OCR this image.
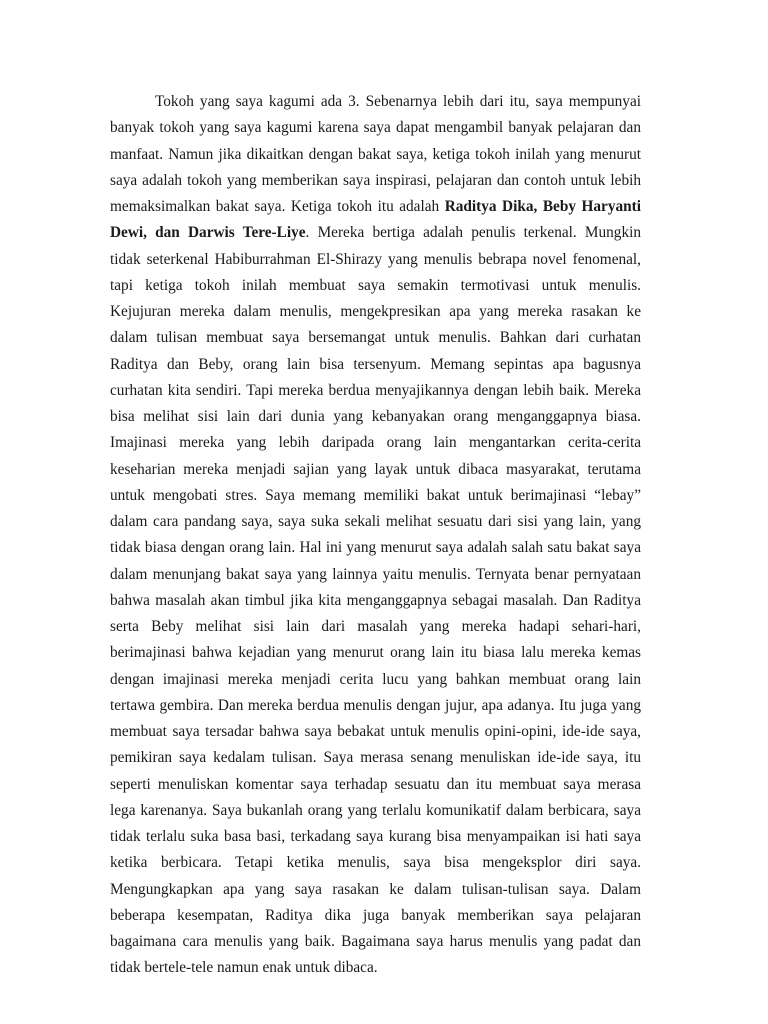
Tokoh yang saya kagumi ada 3. Sebenarnya lebih dari itu, saya mempunyai
banyak tokoh yang saya kagumi karena saya dapat mengambil banyak pelajaran dan
manfaat. Namun jika dikaitkan dengan bakat saya, ketiga tokoh inilah yang menurut
saya adalah tokoh yang memberikan saya inspirasi, pelajaran dan contoh untuk lebih
memaksimalkan bakat saya. Ketiga tokoh itu adalah Raditya Dika, Beby Haryanti
Dewi, dan Darwis Tere-Liye. Mereka bertiga adalah penulis terkenal. Mungkin
tidak seterkenal Habiburrahman El-Shirazy yang menulis bebrapa novel fenomenal,
tapi ketiga tokoh inilah membuat saya semakin termotivasi untuk menulis.
Kejujuran mereka dalam menulis, mengekpresikan apa yang mereka rasakan ke
dalam tulisan membuat saya bersemangat untuk menulis. Bahkan dari curhatan
Raditya dan Beby, orang lain bisa tersenyum. Memang sepintas apa bagusnya
curhatan kita sendiri. Tapi mereka berdua menyajikannya dengan lebih baik. Mereka
bisa melihat sisi lain dari dunia yang kebanyakan orang menganggapnya biasa.
Imajinasi mereka yang lebih daripada orang lain mengantarkan cerita-cerita
keseharian mereka menjadi sajian yang layak untuk dibaca masyarakat, terutama
untuk mengobati stres. Saya memang memiliki bakat untuk berimajinasi “lebay”
dalam cara pandang saya, saya suka sekali melihat sesuatu dari sisi yang lain, yang
tidak biasa dengan orang lain. Hal ini yang menurut saya adalah salah satu bakat saya
dalam menunjang bakat saya yang lainnya yaitu menulis. Ternyata benar pernyataan
bahwa masalah akan timbul jika kita menganggapnya sebagai masalah. Dan Raditya
serta Beby melihat sisi lain dari masalah yang mereka hadapi sehari-hari,
berimajinasi bahwa kejadian yang menurut orang lain itu biasa lalu mereka kemas
dengan imajinasi mereka menjadi cerita lucu yang bahkan membuat orang lain
tertawa gembira. Dan mereka berdua menulis dengan jujur, apa adanya. Itu juga yang
membuat saya tersadar bahwa saya bebakat untuk menulis opini-opini, ide-ide saya,
pemikiran saya kedalam tulisan. Saya merasa senang menuliskan ide-ide saya, itu
seperti menuliskan komentar saya terhadap sesuatu dan itu membuat saya merasa
lega karenanya. Saya bukanlah orang yang terlalu komunikatif dalam berbicara, saya
tidak terlalu suka basa basi, terkadang saya kurang bisa menyampaikan isi hati saya
ketika berbicara. Tetapi ketika menulis, saya bisa mengeksplor diri saya.
Mengungkapkan apa yang saya rasakan ke dalam tulisan-tulisan saya. Dalam
beberapa kesempatan, Raditya dika juga banyak memberikan saya pelajaran
bagaimana cara menulis yang baik. Bagaimana saya harus menulis yang padat dan
tidak bertele-tele namun enak untuk dibaca.
